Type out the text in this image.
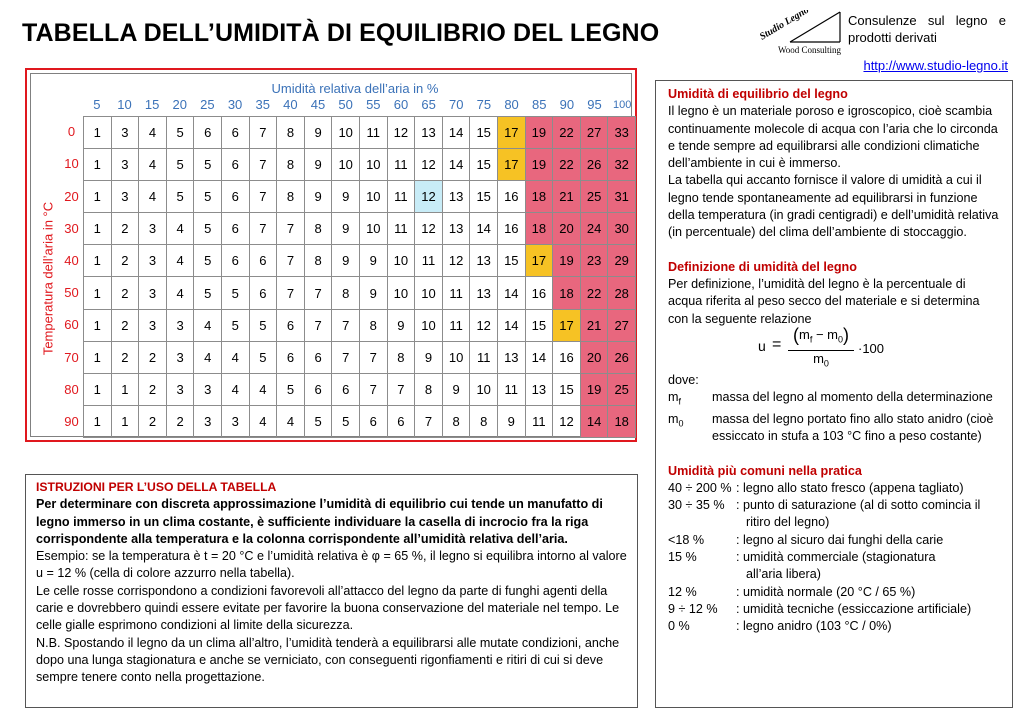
TABELLA DELL’UMIDITÀ DI EQUILIBRIO DEL LEGNO	Studio Legno
Wood Consulting
Consulenze sul legno e prodotti derivati
http://www.studio-legno.it
Umidità relativa dell’aria in %
5	10	15	20	25	30	35	40	45	50	55	60	65	70	75	80	85	90	95	100
Temperatura dell’aria in °C
0
10
20
30
40
50
60
70
80
90
1	3	4	5	6	6	7	8	9	10	11	12	13	14	15	17	19	22	27	33
1	3	4	5	5	6	7	8	9	10	10	11	12	14	15	17	19	22	26	32
1	3	4	5	5	6	7	8	9	9	10	11	12	13	15	16	18	21	25	31
1	2	3	4	5	6	7	7	8	9	10	11	12	13	14	16	18	20	24	30
1	2	3	4	5	6	6	7	8	9	9	10	11	12	13	15	17	19	23	29
1	2	3	4	5	5	6	7	7	8	9	10	10	11	13	14	16	18	22	28
1	2	3	3	4	5	5	6	7	7	8	9	10	11	12	14	15	17	21	27
1	2	2	3	4	4	5	6	6	7	7	8	9	10	11	13	14	16	20	26
1	1	2	3	3	4	4	5	6	6	7	7	8	9	10	11	13	15	19	25
1	1	2	2	3	3	4	4	5	5	6	6	7	8	8	9	11	12	14	18
ISTRUZIONI PER L’USO DELLA TABELLA
Per determinare con discreta approssimazione l’umidità di equilibrio cui tende un manufatto di legno immerso in un clima costante, è sufficiente individuare la casella di incrocio fra la riga corrispondente alla temperatura e la colonna corrispondente all’umidità relativa dell’aria.
Esempio: se la temperatura è t = 20 °C e l’umidità relativa è φ = 65 %, il legno si equilibra intorno al valore u = 12 % (cella di colore azzurro nella tabella).
Le celle rosse corrispondono a condizioni favorevoli all’attacco del legno da parte di funghi agenti della carie e dovrebbero quindi essere evitate per favorire la buona conservazione del materiale nel tempo. Le celle gialle esprimono condizioni al limite della sicurezza.
N.B. Spostando il legno da un clima all’altro, l’umidità tenderà a equilibrarsi alle mutate condizioni, anche dopo una lunga stagionatura e anche se verniciato, con conseguenti rigonfiamenti e ritiri di cui si deve sempre tenere conto nella progettazione.
Umidità di equilibrio del legno
Il legno è un materiale poroso e igroscopico, cioè scambia continuamente molecole di acqua con l’aria che lo circonda e tende sempre ad equilibrarsi alle condizioni climatiche dell’ambiente in cui è immerso.
La tabella qui accanto fornisce il valore di umidità a cui il legno tende spontaneamente ad equilibrarsi in funzione della temperatura (in gradi centigradi) e dell’umidità relativa (in percentuale) del clima dell’ambiente di stoccaggio.
Definizione di umidità del legno
Per definizione, l’umidità del legno è la percentuale di acqua riferita al peso secco del materiale e si determina con la seguente relazione
$u = (m_f - m_0)$
$m_0$
·100
dove:
$m_f$	massa del legno al momento della determinazione
$m_0$	massa del legno portato fino allo stato anidro (cioè essiccato in stufa a 103 °C fino a peso costante)
Umidità più comuni nella pratica
40 ÷ 200 % : legno allo stato fresco (appena tagliato)
30 ÷ 35 % : punto di saturazione (al di sotto comincia il
ritiro del legno)
<18 %	: legno al sicuro dai funghi della carie
15 %	: umidità commerciale (stagionatura
all’aria libera)
12 %	: umidità normale (20 °C / 65 %)
9 ÷ 12 %	: umidità tecniche (essiccazione artificiale)
0 %	: legno anidro (103 °C / 0%)
